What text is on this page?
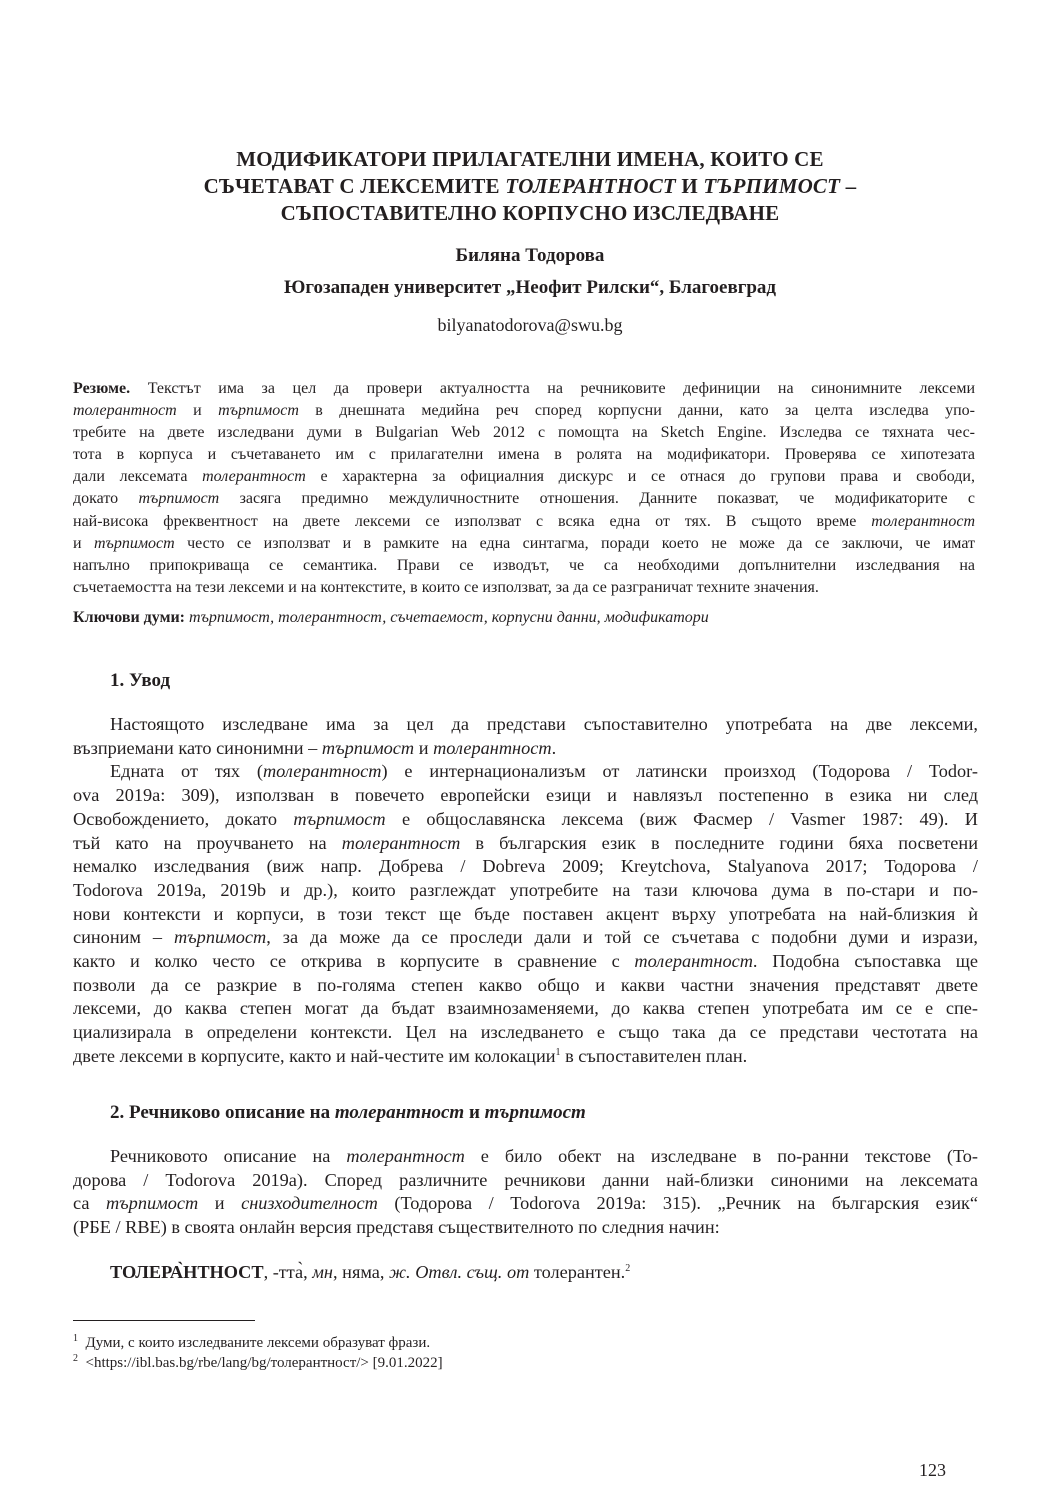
МОДИФИКАТОРИ ПРИЛАГАТЕЛНИ ИМЕНА, КОИТО СЕ
СЪЧЕТАВАТ С ЛЕКСЕМИТЕ ТОЛЕРАНТНОСТ И ТЪРПИМОСТ –
СЪПОСТАВИТЕЛНО КОРПУСНО ИЗСЛЕДВАНЕ
Биляна Тодорова
Югозападен университет „Неофит Рилски“, Благоевград
bilyanatodorova@swu.bg
Резюме. Текстът има за цел да провери актуалността на речниковите дефиниции на синонимните лексеми
толерантност и търпимост в днешната медийна реч според корпусни данни, като за целта изследва упо-
требите на двете изследвани думи в Bulgarian Web 2012 с помощта на Sketch Engine. Изследва се тяхната чес-
тота в корпуса и съчетаването им с прилагателни имена в ролята на модификатори. Проверява се хипотезата
дали лексемата толерантност е характерна за официалния дискурс и се отнася до групови права и свободи,
докато търпимост засяга предимно междуличностните отношения. Данните показват, че модификаторите с
най-висока фреквентност на двете лексеми се използват с всяка една от тях. В същото време толерантност
и търпимост често се използват и в рамките на една синтагма, поради което не може да се заключи, че имат
напълно припокриваща се семантика. Прави се изводът, че са необходими допълнителни изследвания на
съчетаемостта на тези лексеми и на контекстите, в които се използват, за да се разграничат техните значения.
Ключови думи: търпимост, толерантност, съчетаемост, корпусни данни, модификатори
1. Увод
Настоящото изследване има за цел да представи съпоставително употребата на две лексеми,
възприемани като синонимни – търпимост и толерантност.
Едната от тях (толерантност) е интернационализъм от латински произход (Тодорова / Todor-
ova 2019a: 309), използван в повечето европейски езици и навлязъл постепенно в езика ни след
Освобождението, докато търпимост е общославянска лексема (виж Фасмер / Vasmer 1987: 49). И
тъй като на проучването на толерантност в българския език в последните години бяха посветени
немалко изследвания (виж напр. Добрева / Dobreva 2009; Kreytchova, Stalyanova 2017; Тодорова /
Todorova 2019a, 2019b и др.), които разглеждат употребите на тази ключова дума в по-стари и по-
нови контексти и корпуси, в този текст ще бъде поставен акцент върху употребата на най-близкия ѝ
синоним – търпимост, за да може да се проследи дали и той се съчетава с подобни думи и изрази,
както и колко често се открива в корпусите в сравнение с толерантност. Подобна съпоставка ще
позволи да се разкрие в по-голяма степен какво общо и какви частни значения представят двете
лексеми, до каква степен могат да бъдат взаимнозаменяеми, до каква степен употребата им се е спе-
циализирала в определени контексти. Цел на изследването е също така да се представи честотата на
двете лексеми в корпусите, както и най-честите им колокации$^1$ в съпоставителен план.
2. Речниково описание на толерантност и търпимост
Речниковото описание на толерантност е било обект на изследване в по-ранни текстове (То-
дорова / Todorova 2019a). Според различните речникови данни най-близки синоними на лексемата
са търпимост и снизходителност (Тодорова / Todorova 2019a: 315). „Речник на българския език“
(РБЕ / RBE) в своята онлайн версия представя съществителното по следния начин:
ТОЛЕРА̀НТНОСТ, -тта̀, мн, няма, ж. Отвл. същ. от толерантен.$^2$
$^1$ Думи, с които изследваните лексеми образуват фрази.
$^2$ <https://ibl.bas.bg/rbe/lang/bg/толерантност/> [9.01.2022]
123
